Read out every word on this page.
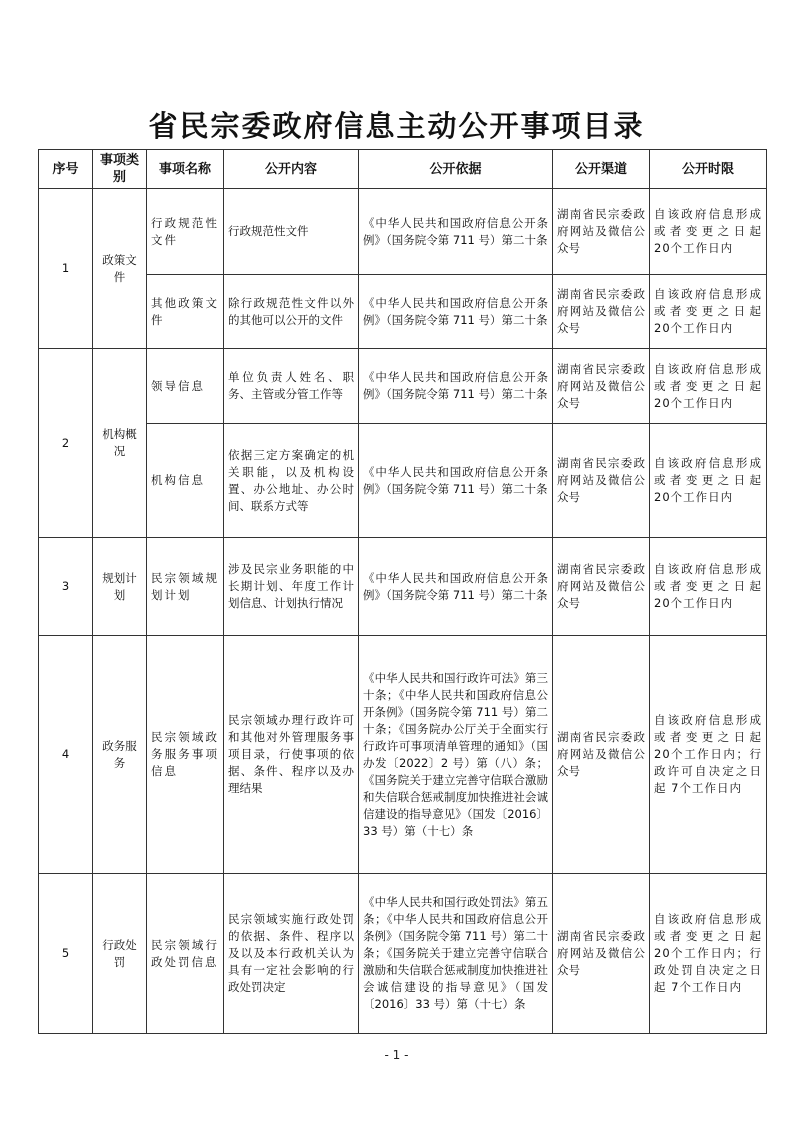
省民宗委政府信息主动公开事项目录
序号	事项类别	事项名称	公开内容	公开依据	公开渠道	公开时限
1	政策文件	行政规范性文件	行政规范性文件	《中华人民共和国政府信息公开条例》（国务院令第 711 号）第二十条	湖南省民宗委政府网站及微信公众号	自该政府信息形成或者变更之日起 20个工作日内
		其他政策文件	除行政规范性文件以外的其他可以公开的文件	《中华人民共和国政府信息公开条例》（国务院令第 711 号）第二十条	湖南省民宗委政府网站及微信公众号	自该政府信息形成或者变更之日起 20个工作日内
2	机构概况	领导信息	单位负责人姓名、职务、主管或分管工作等	《中华人民共和国政府信息公开条例》（国务院令第 711 号）第二十条	湖南省民宗委政府网站及微信公众号	自该政府信息形成或者变更之日起 20个工作日内
		机构信息	依据三定方案确定的机关职能，以及机构设置、办公地址、办公时间、联系方式等	《中华人民共和国政府信息公开条例》（国务院令第 711 号）第二十条	湖南省民宗委政府网站及微信公众号	自该政府信息形成或者变更之日起 20个工作日内
3	规划计划	民宗领域规划计划	涉及民宗业务职能的中长期计划、年度工作计划信息、计划执行情况	《中华人民共和国政府信息公开条例》（国务院令第 711 号）第二十条	湖南省民宗委政府网站及微信公众号	自该政府信息形成或者变更之日起 20个工作日内
4	政务服务	民宗领域政务服务事项信息	民宗领域办理行政许可和其他对外管理服务事项目录，行使事项的依据、条件、程序以及办理结果	《中华人民共和国行政许可法》第三十条；《中华人民共和国政府信息公开条例》（国务院令第 711 号）第二十条；《国务院办公厅关于全面实行行政许可事项清单管理的通知》（国办发〔2022〕2 号）第（八）条；《国务院关于建立完善守信联合激励和失信联合惩戒制度加快推进社会诚信建设的指导意见》（国发〔2016〕33 号）第（十七）条	湖南省民宗委政府网站及微信公众号	自该政府信息形成或者变更之日起 20个工作日内；行政许可自决定之日起 7个工作日内
5	行政处罚	民宗领域行政处罚信息	民宗领域实施行政处罚的依据、条件、程序以及以及本行政机关认为具有一定社会影响的行政处罚决定	《中华人民共和国行政处罚法》第五条；《中华人民共和国政府信息公开条例》（国务院令第 711 号）第二十条；《国务院关于建立完善守信联合激励和失信联合惩戒制度加快推进社会诚信建设的指导意见》（国发〔2016〕33 号）第（十七）条	湖南省民宗委政府网站及微信公众号	自该政府信息形成或者变更之日起 20个工作日内；行政处罚自决定之日起 7个工作日内
- 1 -
